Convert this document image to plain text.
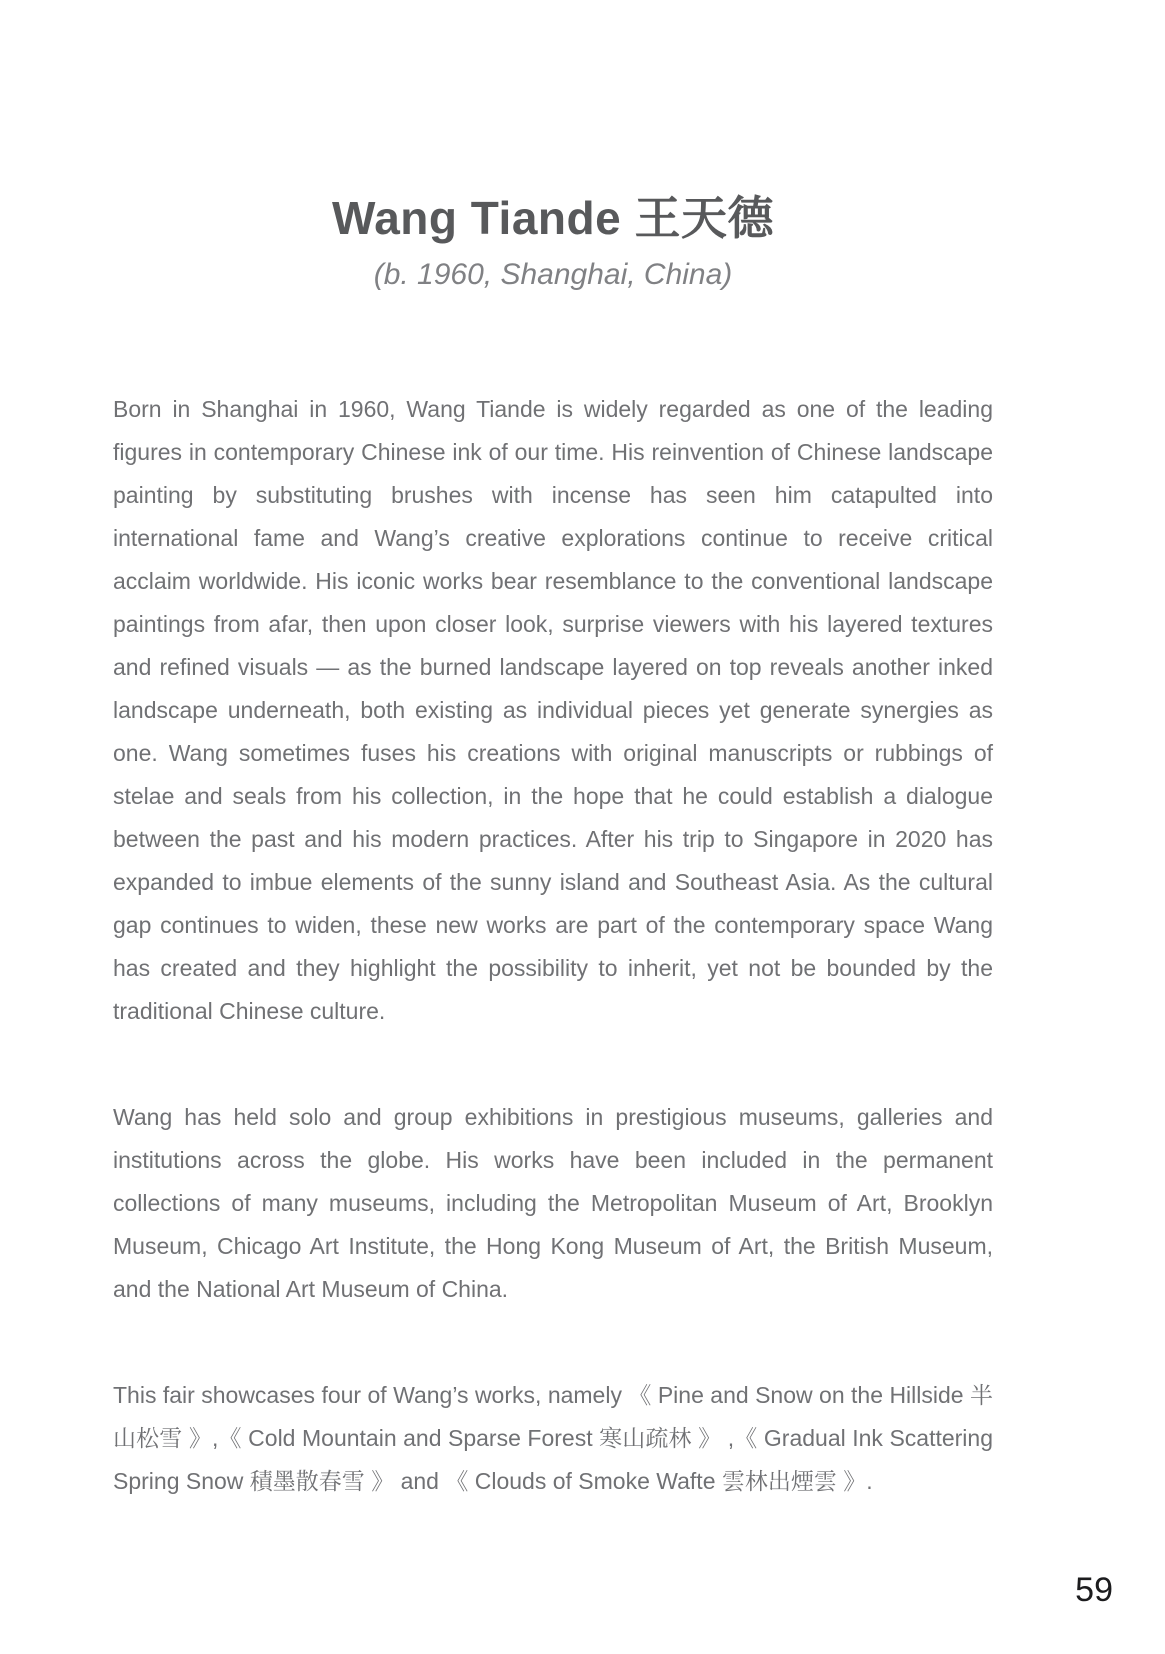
Wang Tiande 王天德

(b. 1960, Shanghai, China)

Born in Shanghai in 1960, Wang Tiande is widely regarded as one of the leading figures in contemporary Chinese ink of our time. His reinvention of Chinese landscape painting by substituting brushes with incense has seen him catapulted into international fame and Wang’s creative explorations continue to receive critical acclaim worldwide. His iconic works bear resemblance to the conventional landscape paintings from afar, then upon closer look, surprise viewers with his layered textures and refined visuals — as the burned landscape layered on top reveals another inked landscape underneath, both existing as individual pieces yet generate synergies as one. Wang sometimes fuses his creations with original manuscripts or rubbings of stelae and seals from his collection, in the hope that he could establish a dialogue between the past and his modern practices. After his trip to Singapore in 2020 has expanded to imbue elements of the sunny island and Southeast Asia. As the cultural gap continues to widen, these new works are part of the contemporary space Wang has created and they highlight the possibility to inherit, yet not be bounded by the traditional Chinese culture.

Wang has held solo and group exhibitions in prestigious museums, galleries and institutions across the globe. His works have been included in the permanent collections of many museums, including the Metropolitan Museum of Art, Brooklyn Museum, Chicago Art Institute, the Hong Kong Museum of Art, the British Museum, and the National Art Museum of China.

This fair showcases four of Wang’s works, namely 《 Pine and Snow on the Hillside 半山松雪 》,《 Cold Mountain and Sparse Forest 寒山疏林 》 ,《 Gradual Ink Scattering Spring Snow 積墨散春雪 》 and 《 Clouds of Smoke Wafte 雲林出煙雲 》.

59
